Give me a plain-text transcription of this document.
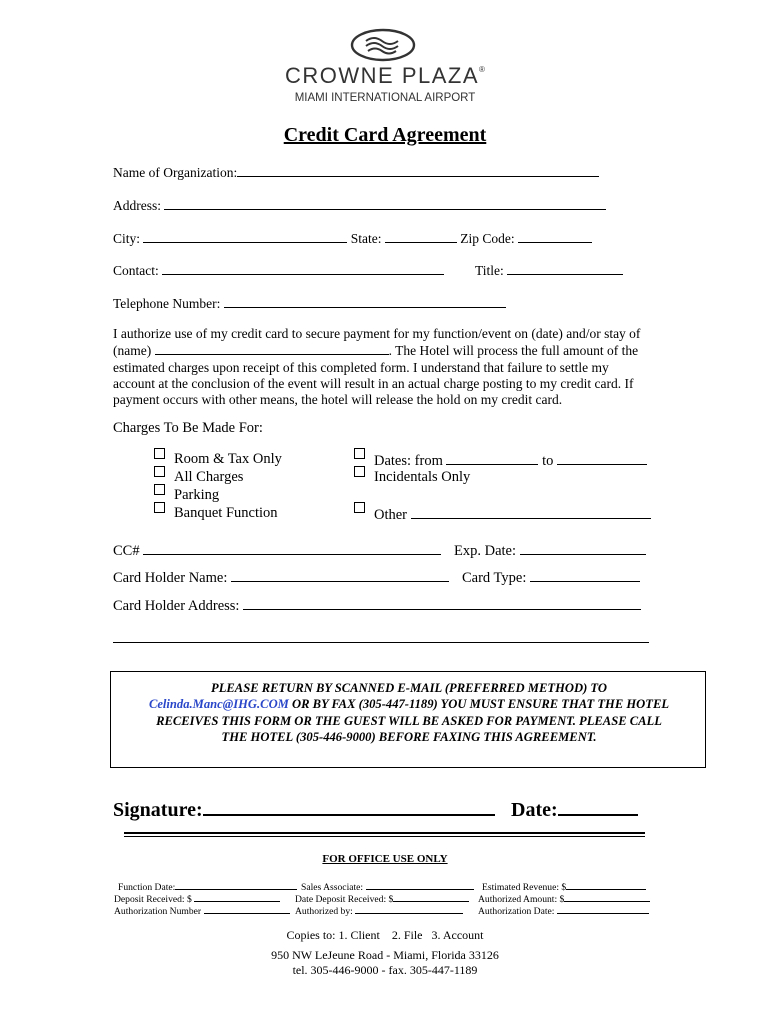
CROWNE PLAZA®
MIAMI INTERNATIONAL AIRPORT
Credit Card Agreement
Name of Organization:
Address:
City:	State:	Zip Code:
Contact:	Title:
Telephone Number:
I authorize use of my credit card to secure payment for my function/event on (date) and/or stay of
(name)	. The Hotel will process the full amount of the
estimated charges upon receipt of this completed form. I understand that failure to settle my
account at the conclusion of the event will result in an actual charge posting to my credit card. If
payment occurs with other means, the hotel will release the hold on my credit card.
Charges To Be Made For:
Room & Tax Only
All Charges
Parking
Banquet Function
Dates: from	to
Incidentals Only
Other
CC#	Exp. Date:
Card Holder Name:	Card Type:
Card Holder Address:
PLEASE RETURN BY SCANNED E-MAIL (PREFERRED METHOD) TO
Celinda.Manc@IHG.COM OR BY FAX (305-447-1189) YOU MUST ENSURE THAT THE HOTEL
RECEIVES THIS FORM OR THE GUEST WILL BE ASKED FOR PAYMENT. PLEASE CALL
THE HOTEL (305-446-9000) BEFORE FAXING THIS AGREEMENT.
Signature:	Date:
FOR OFFICE USE ONLY
Function Date:	Sales Associate:	Estimated Revenue: $
Deposit Received: $	Date Deposit Received: $	Authorized Amount: $
Authorization Number	Authorized by:	Authorization Date:
Copies to: 1. Client 2. File 3. Account
950 NW LeJeune Road - Miami, Florida 33126
tel. 305-446-9000 - fax. 305-447-1189
